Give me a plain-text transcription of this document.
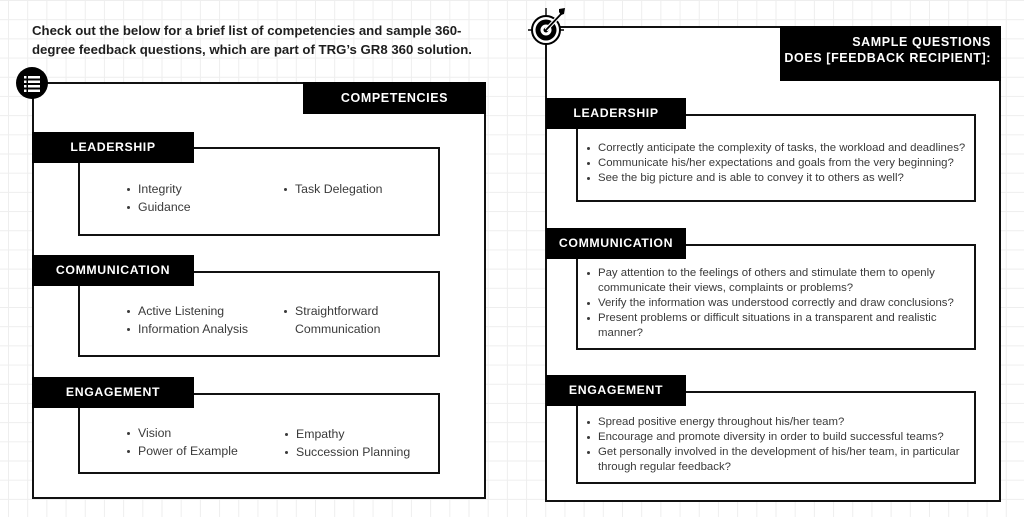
Check out the below for a brief list of competencies and sample 360-degree feedback questions, which are part of TRG’s GR8 360 solution.
COMPETENCIES
Integrity
Guidance
Task Delegation
LEADERSHIP
Active Listening
Information Analysis
Straightforward Communication
COMMUNICATION
Vision
Power of Example
Empathy
Succession Planning
ENGAGEMENT
SAMPLE QUESTIONS
DOES [FEEDBACK RECIPIENT]:
Correctly anticipate the complexity of tasks, the workload and deadlines?
Communicate his/her expectations and goals from the very beginning?
See the big picture and is able to convey it to others as well?
LEADERSHIP
Pay attention to the feelings of others and stimulate them to openly communicate their views, complaints or problems?
Verify the information was understood correctly and draw conclusions?
Present problems or difficult situations in a transparent and realistic manner?
COMMUNICATION
Spread positive energy throughout his/her team?
Encourage and promote diversity in order to build successful teams?
Get personally involved in the development of his/her team, in particular through regular feedback?
ENGAGEMENT
